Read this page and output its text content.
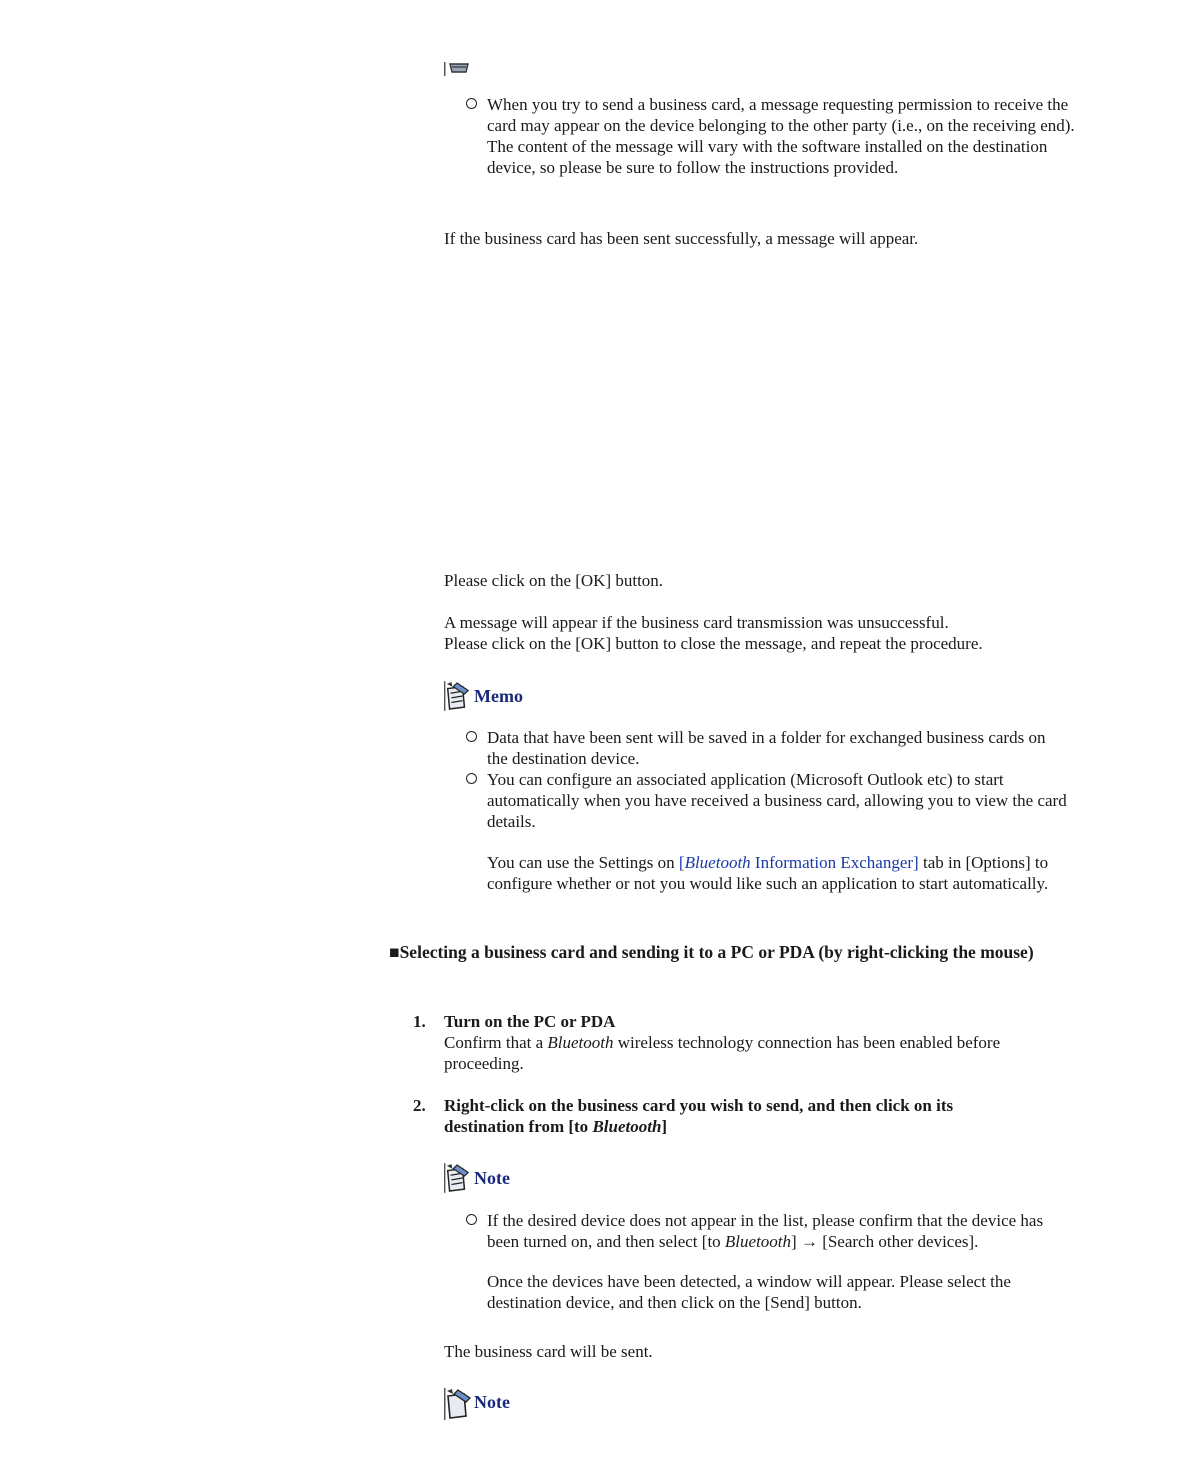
When you try to send a business card, a message requesting permission to receive the card may appear on the device belonging to the other party (i.e., on the receiving end). The content of the message will vary with the software installed on the destination device, so please be sure to follow the instructions provided.

If the business card has been sent successfully, a message will appear.

Please click on the [OK] button.

A message will appear if the business card transmission was unsuccessful.

Please click on the [OK] button to close the message, and repeat the procedure.

Memo

Data that have been sent will be saved in a folder for exchanged business cards on the destination device.

You can configure an associated application (Microsoft Outlook etc) to start automatically when you have received a business card, allowing you to view the card details.

You can use the Settings on [Bluetooth Information Exchanger] tab in [Options] to configure whether or not you would like such an application to start automatically.

■Selecting a business card and sending it to a PC or PDA (by right-clicking the mouse)

1. Turn on the PC or PDA

Confirm that a Bluetooth wireless technology connection has been enabled before proceeding.

2. Right-click on the business card you wish to send, and then click on its destination from [to Bluetooth]

Note

If the desired device does not appear in the list, please confirm that the device has been turned on, and then select [to Bluetooth] → [Search other devices].

Once the devices have been detected, a window will appear. Please select the destination device, and then click on the [Send] button.

The business card will be sent.

Note
